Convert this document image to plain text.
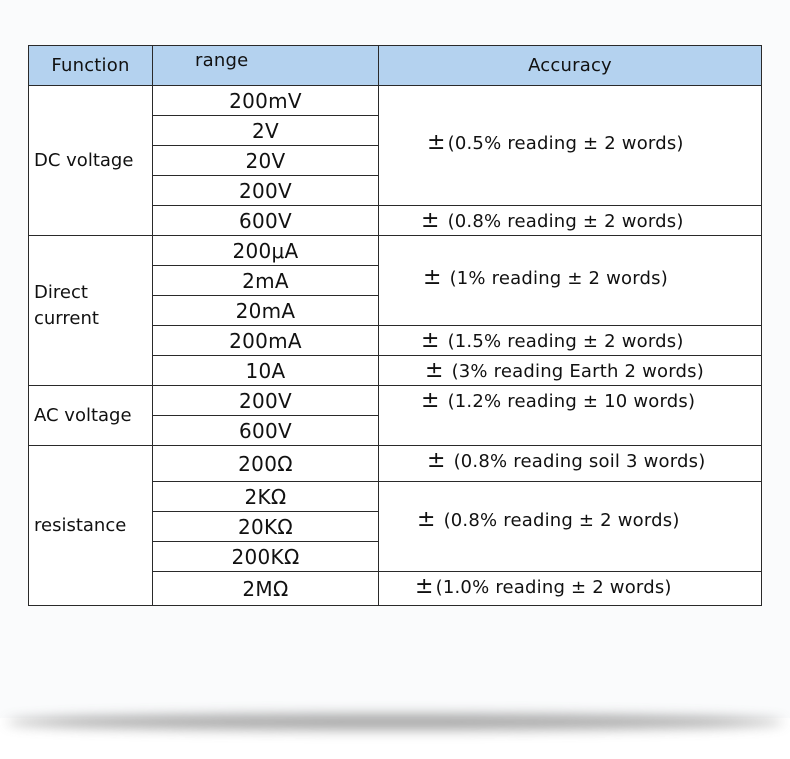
Function	range	Accuracy
DC voltage	200mV	± (0.5% reading ± 2 words)
	2V	
	20V	
	200V	
	600V	± (0.8% reading ± 2 words)
Direct
current	200μA	± (1% reading ± 2 words)
	2mA	
	20mA	
	200mA	± (1.5% reading ± 2 words)
	10A	± (3% reading Earth 2 words)
AC voltage	200V	± (1.2% reading ± 10 words)
	600V	
resistance	200Ω	± (0.8% reading soil 3 words)
	2KΩ	± (0.8% reading ± 2 words)
	20KΩ	
	200KΩ	
	2MΩ	± (1.0% reading ± 2 words)
